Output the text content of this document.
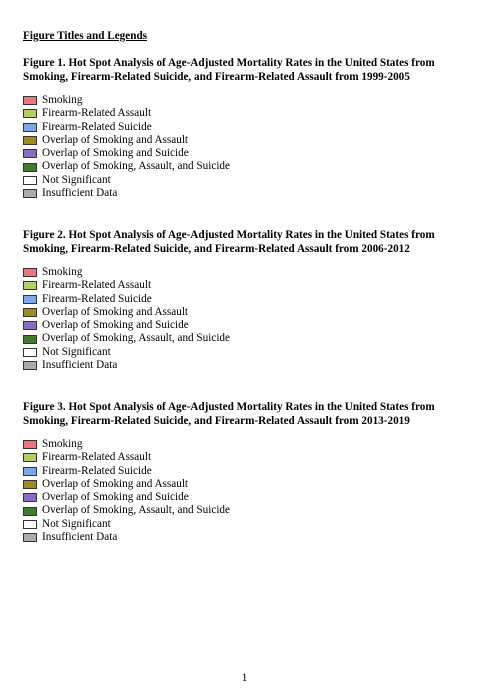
Figure Titles and Legends

Figure 1. Hot Spot Analysis of Age-Adjusted Mortality Rates in the United States from Smoking, Firearm-Related Suicide, and Firearm-Related Assault from 1999-2005

Smoking
Firearm-Related Assault
Firearm-Related Suicide
Overlap of Smoking and Assault
Overlap of Smoking and Suicide
Overlap of Smoking, Assault, and Suicide
Not Significant
Insufficient Data

Figure 2. Hot Spot Analysis of Age-Adjusted Mortality Rates in the United States from Smoking, Firearm-Related Suicide, and Firearm-Related Assault from 2006-2012

Smoking
Firearm-Related Assault
Firearm-Related Suicide
Overlap of Smoking and Assault
Overlap of Smoking and Suicide
Overlap of Smoking, Assault, and Suicide
Not Significant
Insufficient Data

Figure 3. Hot Spot Analysis of Age-Adjusted Mortality Rates in the United States from Smoking, Firearm-Related Suicide, and Firearm-Related Assault from 2013-2019

Smoking
Firearm-Related Assault
Firearm-Related Suicide
Overlap of Smoking and Assault
Overlap of Smoking and Suicide
Overlap of Smoking, Assault, and Suicide
Not Significant
Insufficient Data
1
